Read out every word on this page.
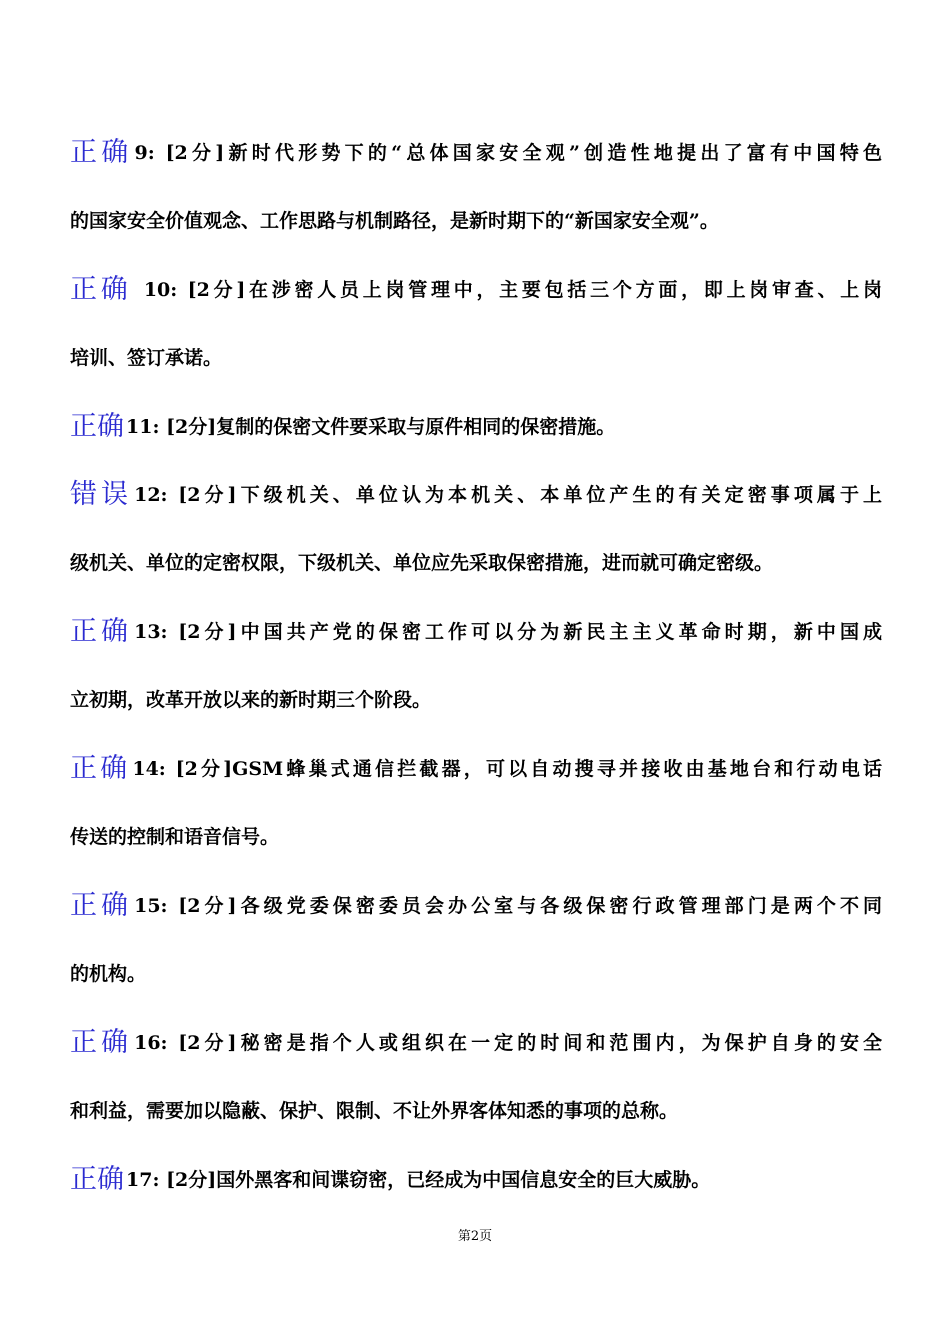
正确 9: [2分]新时代形势下的“总体国家安全观”创造性地提出了富有中国特色
的国家安全价值观念、工作思路与机制路径，是新时期下的“新国家安全观”。
正确 10: [2分]在涉密人员上岗管理中，主要包括三个方面，即上岗审查、上岗
培训、签订承诺。
正确 11: [2分]复制的保密文件要采取与原件相同的保密措施。
错误 12: [2分]下级机关、单位认为本机关、本单位产生的有关定密事项属于上
级机关、单位的定密权限，下级机关、单位应先采取保密措施，进而就可确定密级。
正确 13: [2分]中国共产党的保密工作可以分为新民主主义革命时期，新中国成
立初期，改革开放以来的新时期三个阶段。
正确 14: [2分]GSM蜂巢式通信拦截器，可以自动搜寻并接收由基地台和行动电话
传送的控制和语音信号。
正确 15: [2分]各级党委保密委员会办公室与各级保密行政管理部门是两个不同
的机构。
正确 16: [2分]秘密是指个人或组织在一定的时间和范围内，为保护自身的安全
和利益，需要加以隐蔽、保护、限制、不让外界客体知悉的事项的总称。
正确 17: [2分]国外黑客和间谍窃密，已经成为中国信息安全的巨大威胁。
第2页
